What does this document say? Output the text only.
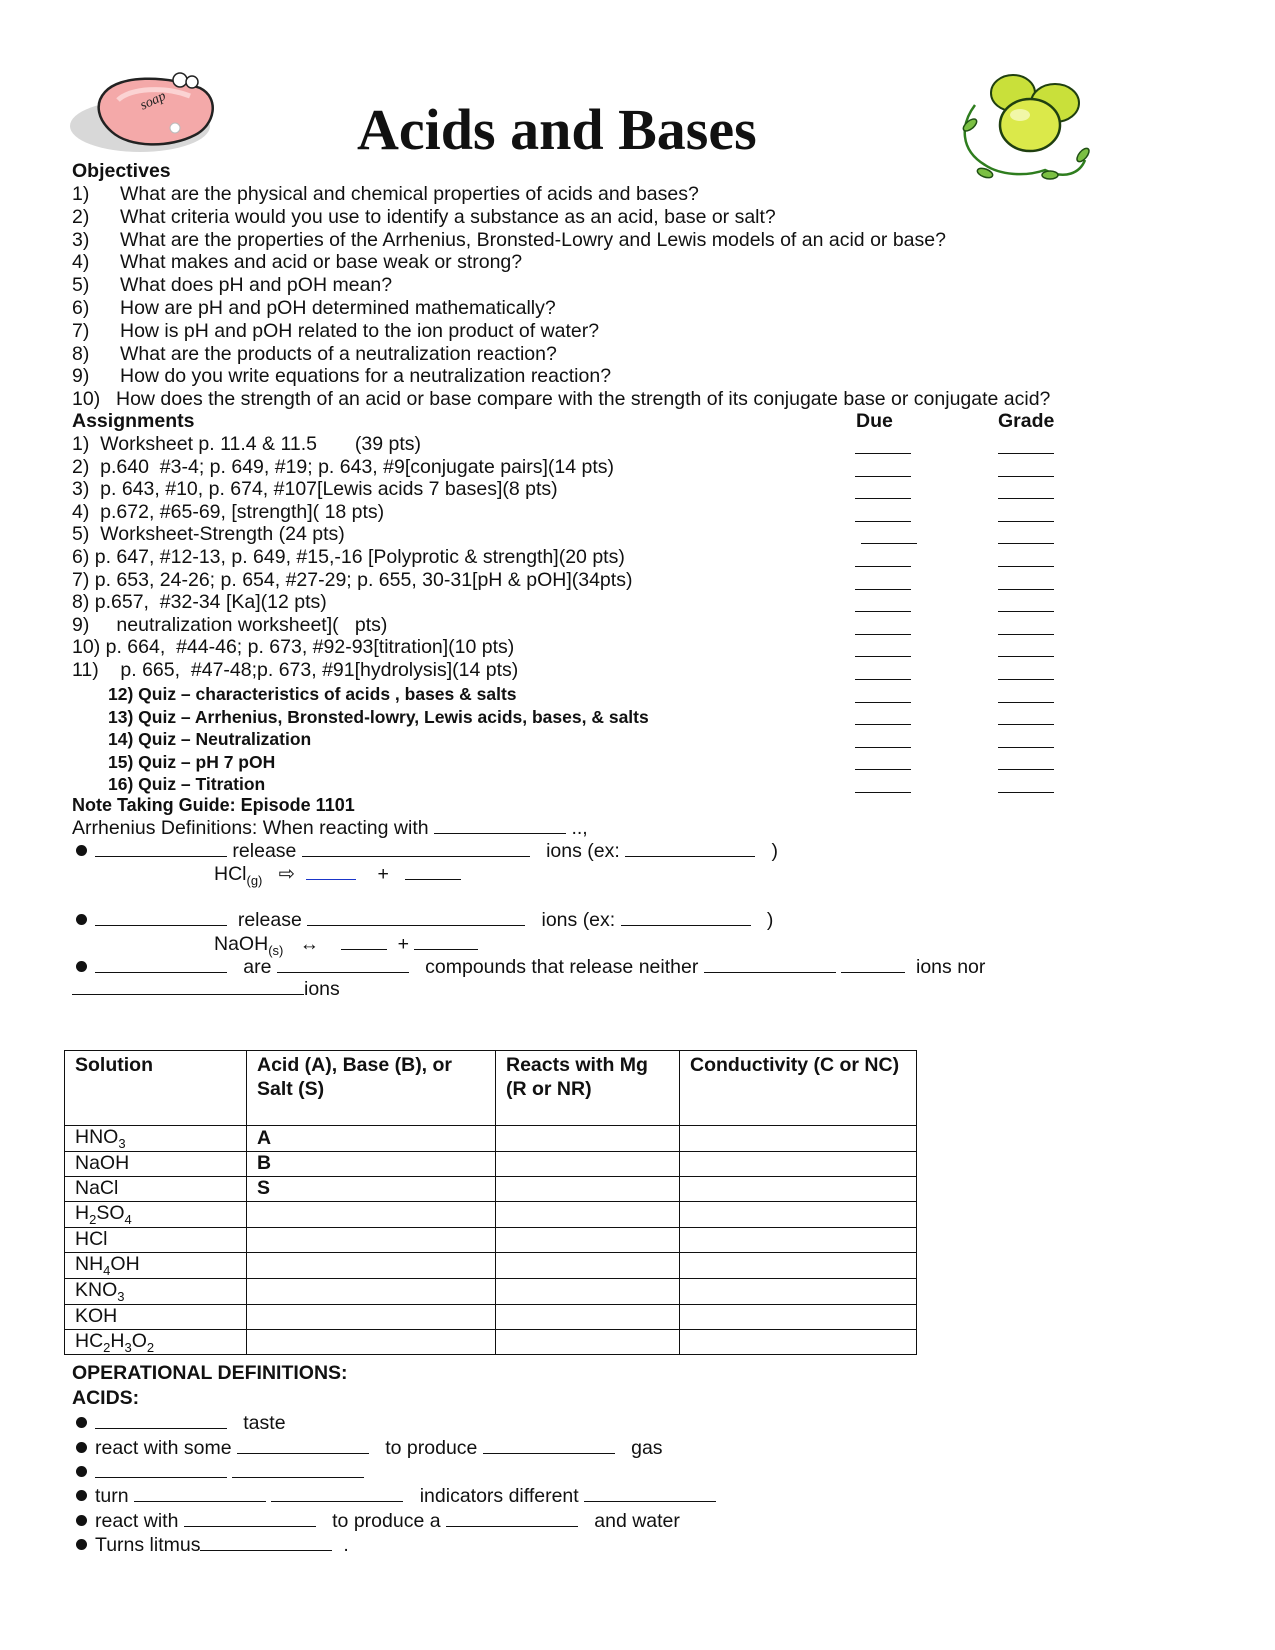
soap	Acids and Bases
Objectives
1) What are the physical and chemical properties of acids and bases?
2) What criteria would you use to identify a substance as an acid, base or salt?
3) What are the properties of the Arrhenius, Bronsted-Lowry and Lewis models of an acid or base?
4) What makes and acid or base weak or strong?
5) What does pH and pOH mean?
6) How are pH and pOH determined mathematically?
7) How is pH and pOH related to the ion product of water?
8) What are the products of a neutralization reaction?
9) How do you write equations for a neutralization reaction?
10) How does the strength of an acid or base compare with the strength of its conjugate base or conjugate acid?
Assignments	Due	Grade
1)  Worksheet p. 11.4 & 11.5       (39 pts)
2)  p.640  #3-4; p. 649, #19; p. 643, #9[conjugate pairs](14 pts)
3)  p. 643, #10, p. 674, #107[Lewis acids 7 bases](8 pts)
4)  p.672, #65-69, [strength]( 18 pts)
5)  Worksheet-Strength (24 pts)
6) p. 647, #12-13, p. 649, #15,-16 [Polyprotic & strength](20 pts)
7) p. 653, 24-26; p. 654, #27-29; p. 655, 30-31[pH & pOH](34pts)
8) p.657,  #32-34 [Ka](12 pts)
9)     neutralization worksheet](   pts)
10) p. 664,  #44-46; p. 673, #92-93[titration](10 pts)
11)    p. 665,  #47-48;p. 673, #91[hydrolysis](14 pts)
12) Quiz – characteristics of acids , bases & salts
13) Quiz – Arrhenius, Bronsted-lowry, Lewis acids, bases, & salts
14) Quiz – Neutralization
15) Quiz – pH 7 pOH
16) Quiz – Titration
Note Taking Guide: Episode 1101
Arrhenius Definitions: When reacting with	..,
release	ions (ex:	)
HCl$_{(g)}$ ⇨	+
release	ions (ex:	)
NaOH$_{(s)}$ ↔	+
are	compounds that release neither	ions nor
ions
Solution	Acid (A), Base (B), or Salt (S)	Reacts with Mg (R or NR)	Conductivity (C or NC)
$HNO_3$	A		
NaOH	B		
NaCl	S		
$H_2SO_4$			
HCl			
$NH_4OH$			
$KNO_3$			
KOH			
$HC_2H_3O_2$			
OPERATIONAL DEFINITIONS:
ACIDS:
taste
react with some	to produce	gas

turn	indicators different
react with	to produce a	and water
Turns litmus	.
